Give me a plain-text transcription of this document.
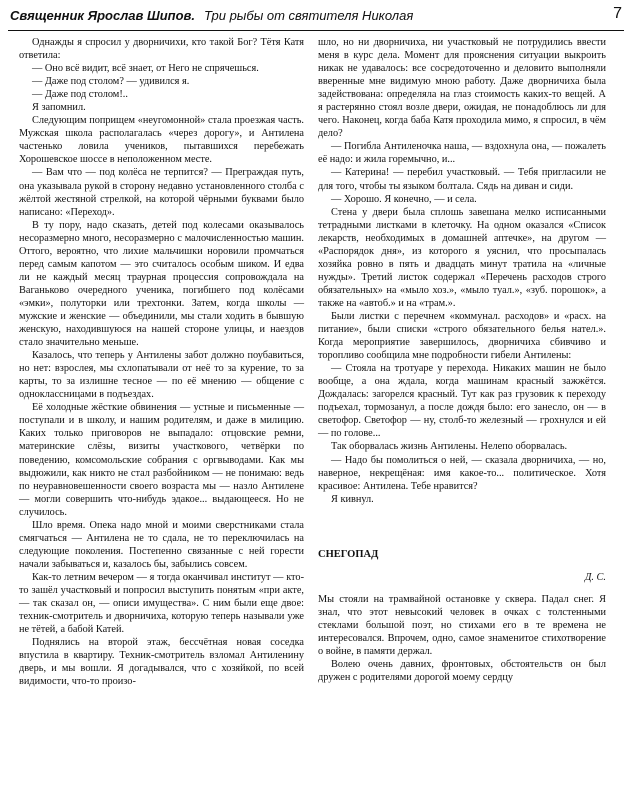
Священник Ярослав Шипов. Три рыбы от святителя Николая	7

Однажды я спросил у дворничихи, кто такой Бог? Тётя Катя ответила:

— Оно всё видит, всё знает, от Него не спрячешься.

— Даже под столом? — удивился я.

— Даже под столом!..

Я запомнил.

Следующим поприщем «неугомонной» стала проезжая часть. Мужская школа располагалась «через дорогу», и Антилена частенько ловила учеников, пытавшихся перебежать Хорошевское шоссе в неположенном месте.

— Вам что — под колёса не терпится? — Преграждая путь, она указывала рукой в сторону недавно установленного столба с жёлтой жестяной стрелкой, на которой чёрными буквами было написано: «Переход».

В ту пору, надо сказать, детей под колесами оказывалось несоразмерно много, несоразмерно с малочисленностью машин. Оттого, вероятно, что лихие мальчишки норовили промчаться перед самым капотом — это считалось особым шиком. И едва ли не каждый месяц траурная процессия сопровождала на Ваганьково очередного ученика, погибшего под колёсами «эмки», полуторки или трехтонки. Затем, когда школы — мужские и женские — объединили, мы стали ходить в бывшую женскую, находившуюся на нашей стороне улицы, и наездов стало значительно меньше.

Казалось, что теперь у Антилены забот должно поубавиться, но нет: взрослея, мы схлопатывали от неё то за курение, то за карты, то за излишне тесное — по её мнению — общение с одноклассницами в подъездах.

Её холодные жёсткие обвинения — устные и письменные — поступали и в школу, и нашим родителям, и даже в милицию. Каких только приговоров не выпадало: отцовские ремни, материнские слёзы, визиты участкового, четвёрки по поведению, комсомольские собрания с оргвыводами. Как мы выдюжили, как никто не стал разбойником — не понимаю: ведь по неуравновешенности своего возраста мы — назло Антилене — могли совершить что-нибудь эдакое... выдающееся. Но не случилось.

Шло время. Опека надо мной и моими сверстниками стала смягчаться — Антилена не то сдала, не то переключилась на следующие поколения. Постепенно связанные с ней горести начали забываться и, казалось бы, забылись совсем.

Как-то летним вечером — я тогда оканчивал институт — кто-то зашёл участковый и попросил выступить понятым «при акте, — так сказал он, — описи имущества». С ним были еще двое: техник-смотритель и дворничиха, которую теперь называли уже не тётей, а бабой Катей.

Поднялись на второй этаж, бессчётная новая соседка впустила в квартиру. Техник-смотритель взломал Антиленину дверь, и мы вошли. Я догадывался, что с хозяйкой, по всей видимости, что-то произо-

шло, но ни дворничиха, ни участковый не потрудились ввести меня в курс дела. Момент для прояснения ситуации выкроить никак не удавалось: все сосредоточенно и деловито выполняли вверенные мне видимую мною работу. Даже дворничиха была задействована: определяла на глаз стоимость каких-то вещей. А я растерянно стоял возле двери, ожидая, не понадоблюсь ли для чего. Наконец, когда баба Катя проходила мимо, я спросил, в чём дело?

— Погибла Антиленочка наша, — вздохнула она, — пожалеть её надо: и жила горемычно, и...

— Катерина! — перебил участковый. — Тебя пригласили не для того, чтобы ты языком болтала. Сядь на диван и сиди.

— Хорошо. Я конечно, — и села.

Стена у двери была сплошь завешана мелко исписанными тетрадными листками в клеточку. На одном оказался «Список лекарств, необходимых в домашней аптечке», на другом — «Распорядок дня», из которого я уяснил, что просыпалась хозяйка ровно в пять и двадцать минут тратила на «личные нужды». Третий листок содержал «Перечень расходов строго обязательных» на «мыло хоз.», «мыло туал.», «зуб. порошок», а также на «автоб.» и на «трам.».

Были листки с перечнем «коммунал. расходов» и «расх. на питание», были списки «строго обязательного белья нател.». Когда мероприятие завершилось, дворничиха сбивчиво и торопливо сообщила мне подробности гибели Антилены:

— Стояла на тротуаре у перехода. Никаких машин не было вообще, а она ждала, когда машинам красный зажжётся. Дождалась: загорелся красный. Тут как раз грузовик к переходу подъехал, тормозанул, а после дождя было: его занесло, он — в светофор. Светофор — ну, столб-то железный — грохнулся и ей — по голове...

Так оборвалась жизнь Антилены. Нелепо оборвалась.

— Надо бы помолиться о ней, — сказала дворничиха, — но, наверное, некрещёная: имя какое-то... политическое. Хотя красивое: Антилена. Тебе нравится?

Я кивнул.

СНЕГОПАД
Д. С.

Мы стояли на трамвайной остановке у сквера. Падал снег. Я знал, что этот невысокий человек в очках с толстенными стеклами большой поэт, но стихами его в те времена не интересовался. Впрочем, одно, самое знаменитое стихотворение о войне, в памяти держал.

Волею очень давних, фронтовых, обстоятельств он был дружен с родителями дорогой моему сердцу
